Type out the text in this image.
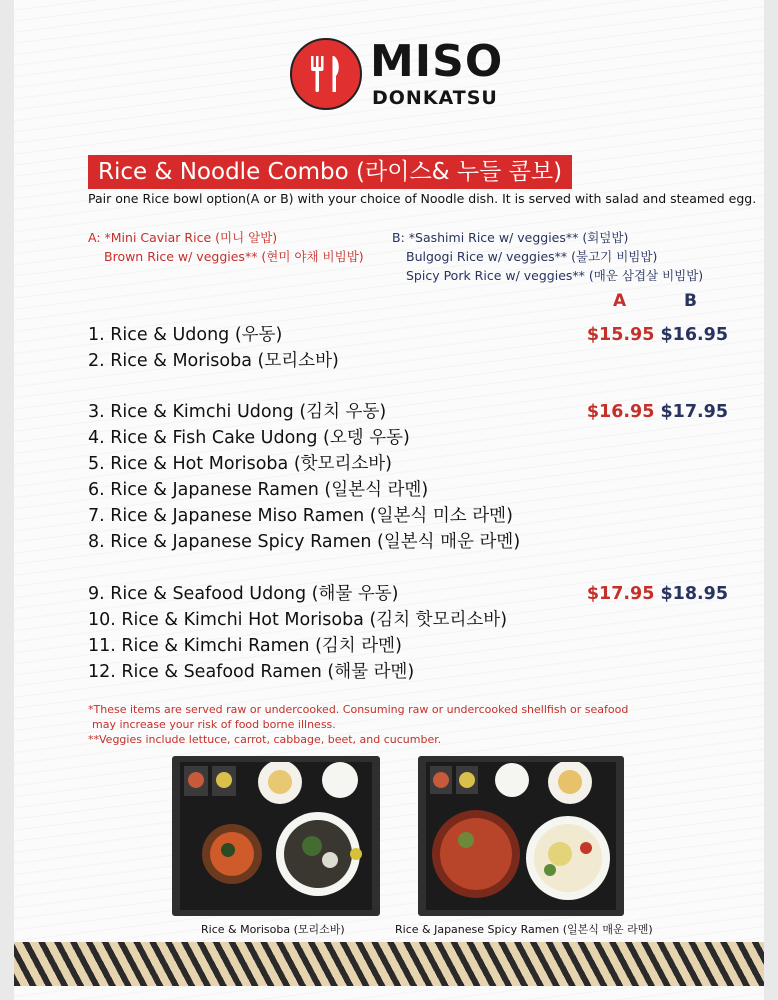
MISO
DONKATSU
Rice & Noodle Combo (라이스& 누들 콤보)
Pair one Rice bowl option(A or B) with your choice of Noodle dish. It is served with salad and steamed egg.
A: *Mini Caviar Rice (미니 알밥)
Brown Rice w/ veggies** (현미 야채 비빔밥)
B: *Sashimi Rice w/ veggies** (회덮밥)
Bulgogi Rice w/ veggies** (불고기 비빔밥)
Spicy Pork Rice w/ veggies** (매운 삼겹살 비빔밥)
A	B
$15.95 $16.95
1. Rice & Udong (우동)
2. Rice & Morisoba (모리소바)
$16.95 $17.95
3. Rice & Kimchi Udong (김치 우동)
4. Rice & Fish Cake Udong (오뎅 우동)
5. Rice & Hot Morisoba (핫모리소바)
6. Rice & Japanese Ramen (일본식 라멘)
7. Rice & Japanese Miso Ramen (일본식 미소 라멘)
8. Rice & Japanese Spicy Ramen (일본식 매운 라멘)
$17.95 $18.95
9. Rice & Seafood Udong (해물 우동)
10. Rice & Kimchi Hot Morisoba (김치 핫모리소바)
11. Rice & Kimchi Ramen (김치 라멘)
12. Rice & Seafood Ramen (해물 라멘)
*These items are served raw or undercooked. Consuming raw or undercooked shellfish or seafood
may increase your risk of food borne illness.
**Veggies include lettuce, carrot, cabbage, beet, and cucumber.
Rice & Morisoba (모리소바)	Rice & Japanese Spicy Ramen (일본식 매운 라멘)
